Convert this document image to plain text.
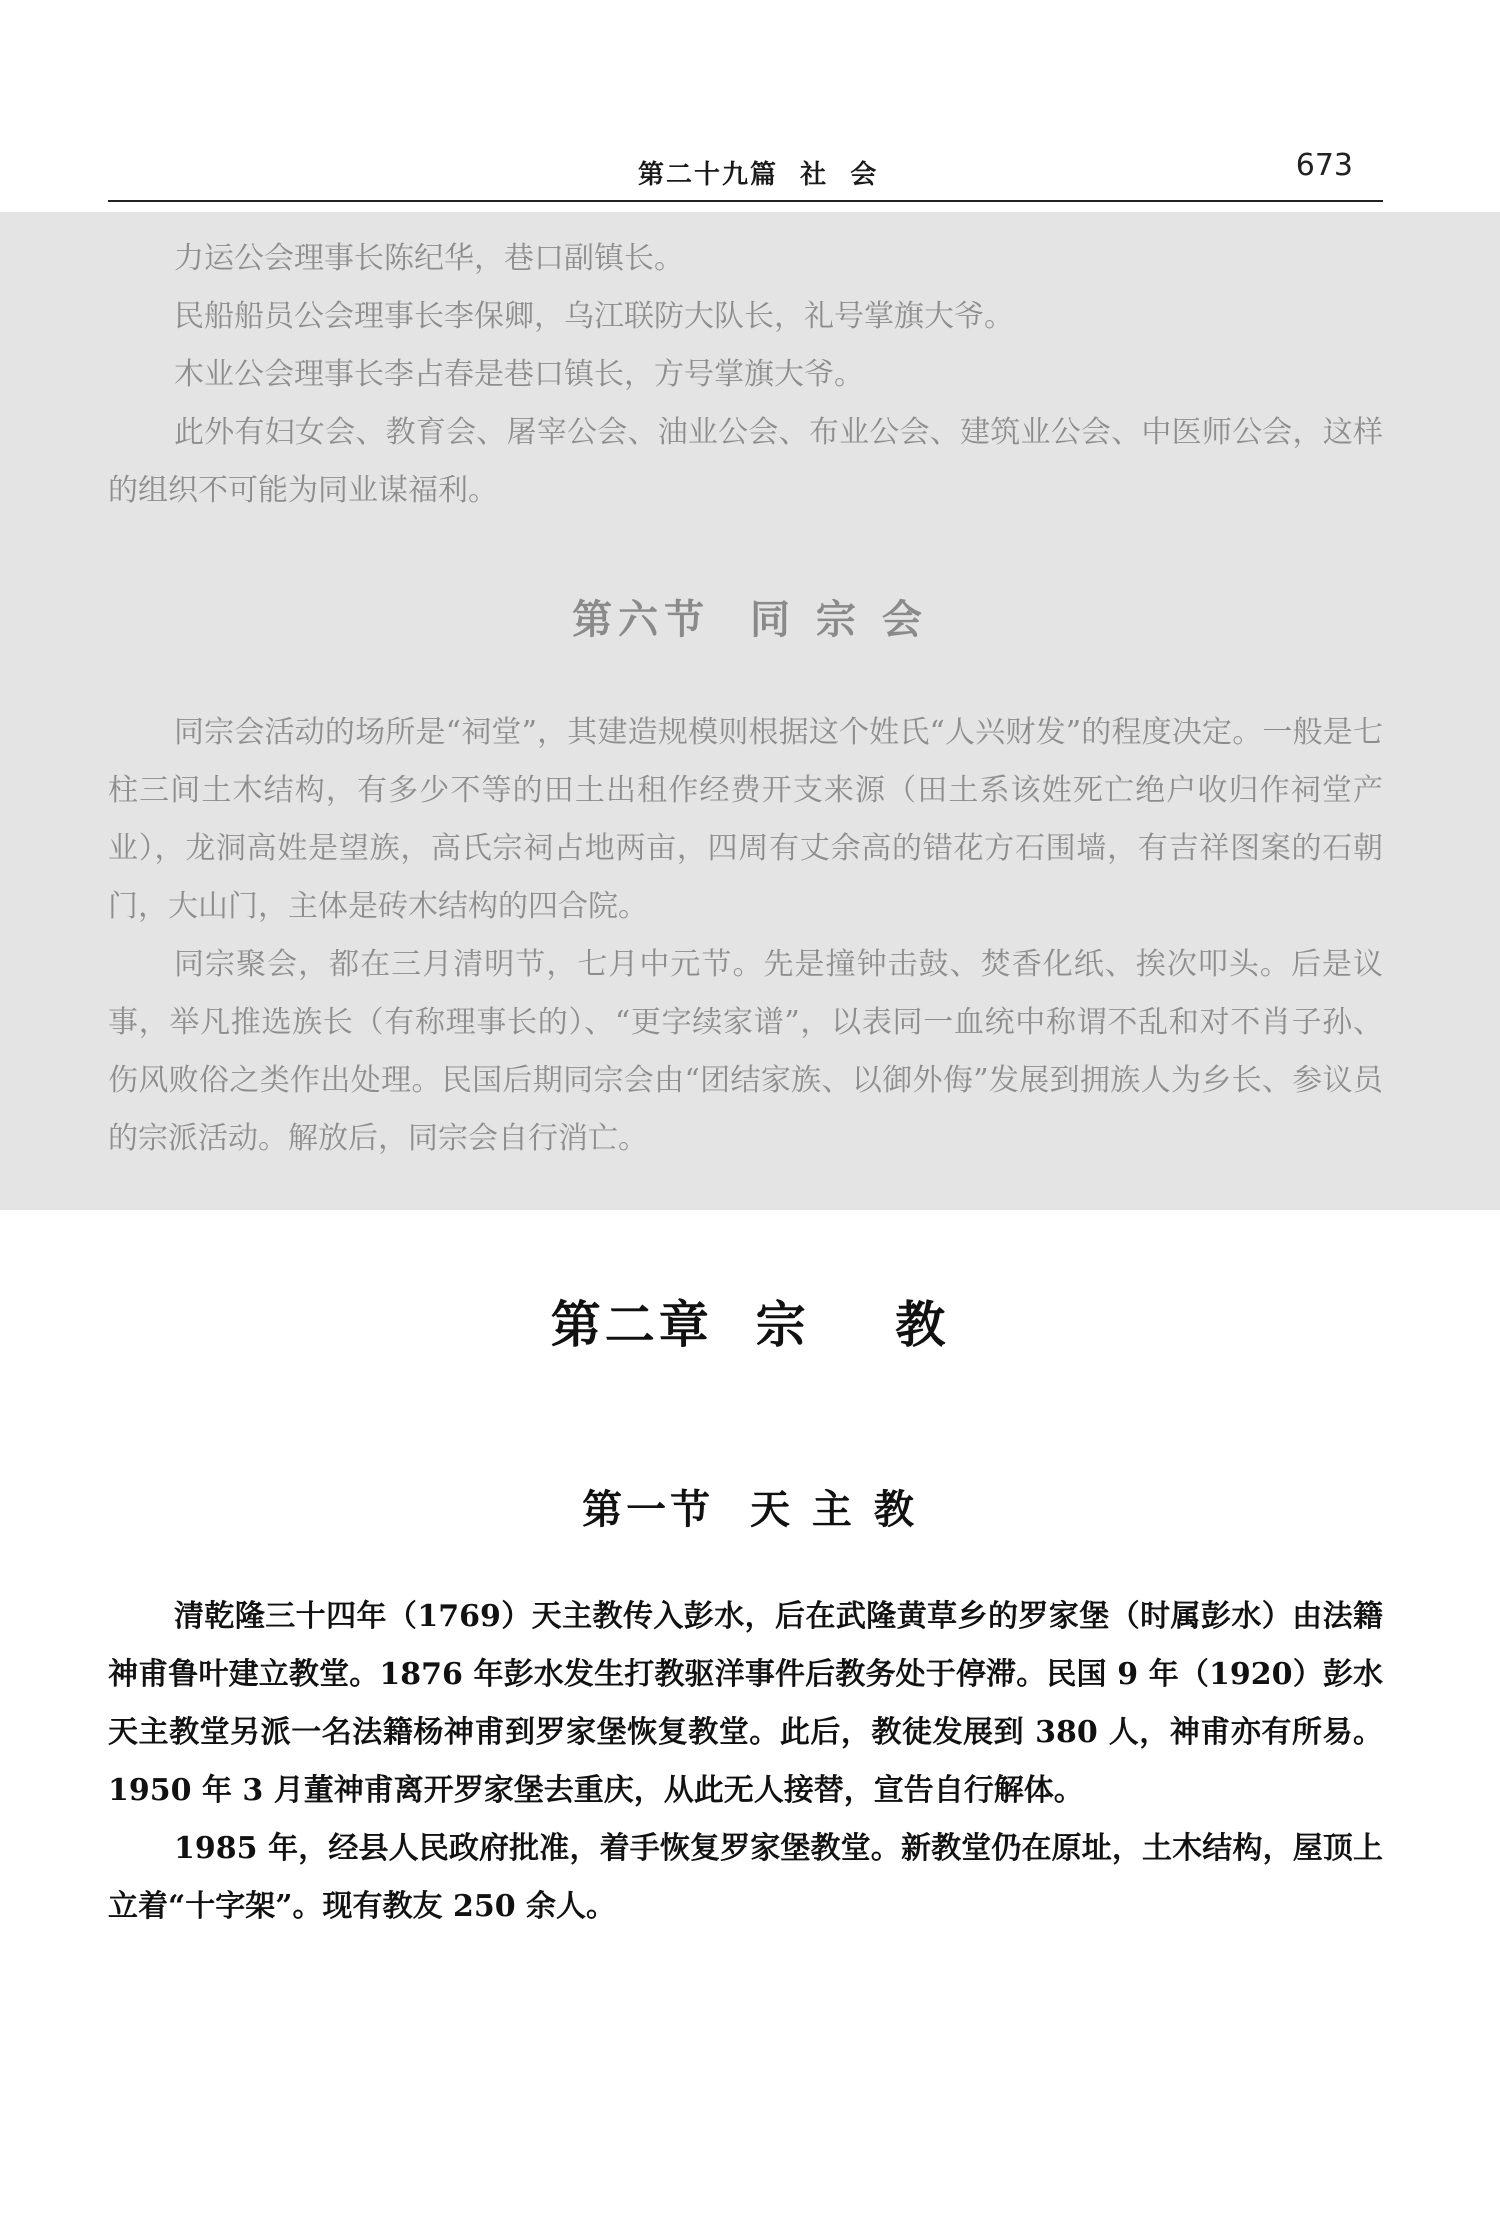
第二十九篇  社  会	673

力运公会理事长陈纪华，巷口副镇长。

民船船员公会理事长李保卿，乌江联防大队长，礼号掌旗大爷。

木业公会理事长李占春是巷口镇长，方号掌旗大爷。

此外有妇女会、教育会、屠宰公会、油业公会、布业公会、建筑业公会、中医师公会，这样的组织不可能为同业谋福利。

第六节  同 宗 会

同宗会活动的场所是“祠堂”，其建造规模则根据这个姓氏“人兴财发”的程度决定。一般是七柱三间土木结构，有多少不等的田土出租作经费开支来源（田土系该姓死亡绝户收归作祠堂产业），龙洞高姓是望族，高氏宗祠占地两亩，四周有丈余高的错花方石围墙，有吉祥图案的石朝门，大山门，主体是砖木结构的四合院。

同宗聚会，都在三月清明节，七月中元节。先是撞钟击鼓、焚香化纸、挨次叩头。后是议事，举凡推选族长（有称理事长的）、“更字续家谱”，以表同一血统中称谓不乱和对不肖子孙、伤风败俗之类作出处理。民国后期同宗会由“团结家族、以御外侮”发展到拥族人为乡长、参议员的宗派活动。解放后，同宗会自行消亡。

第二章  宗    教
第一节  天 主 教

清乾隆三十四年（1769）天主教传入彭水，后在武隆黄草乡的罗家堡（时属彭水）由法籍神甫鲁叶建立教堂。1876 年彭水发生打教驱洋事件后教务处于停滞。民国 9 年（1920）彭水天主教堂另派一名法籍杨神甫到罗家堡恢复教堂。此后，教徒发展到 380 人，神甫亦有所易。1950 年 3 月董神甫离开罗家堡去重庆，从此无人接替，宣告自行解体。

1985 年，经县人民政府批准，着手恢复罗家堡教堂。新教堂仍在原址，土木结构，屋顶上立着“十字架”。现有教友 250 余人。
